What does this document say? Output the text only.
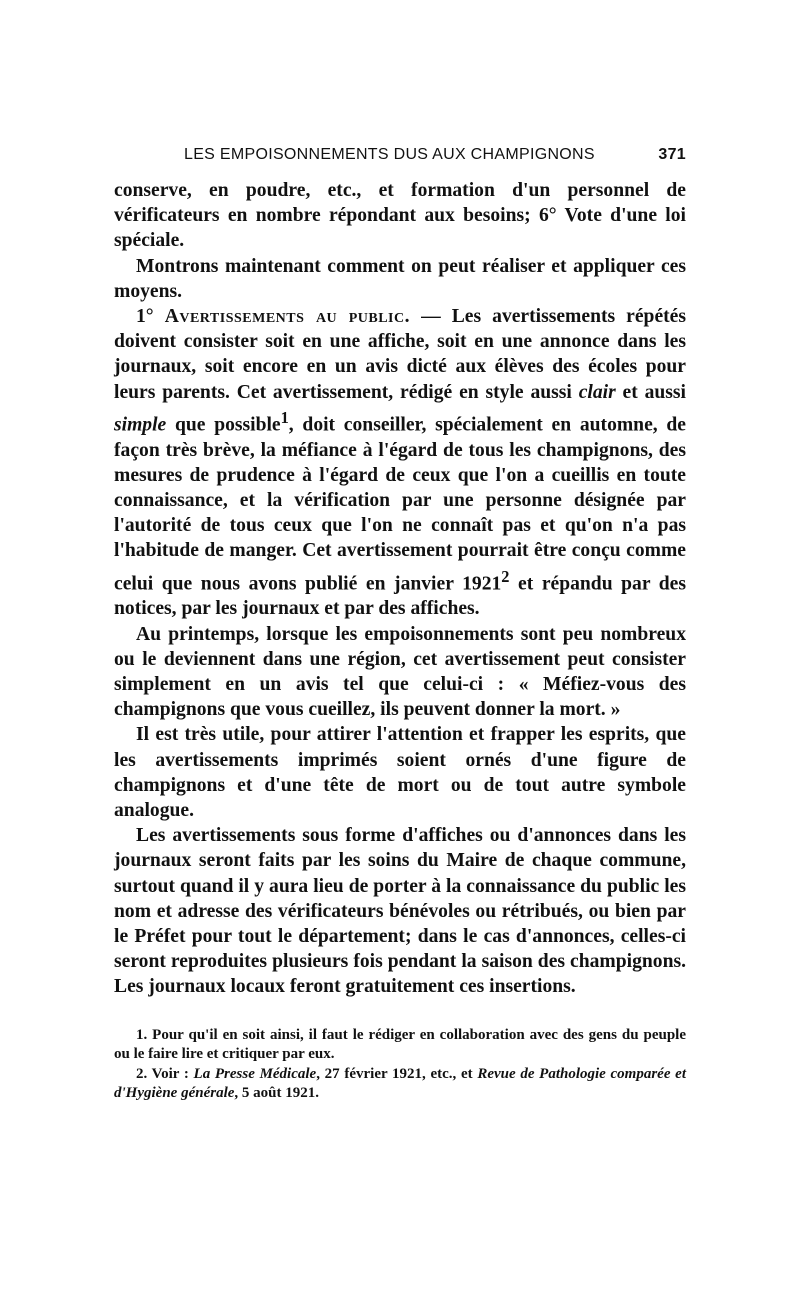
LES EMPOISONNEMENTS DUS AUX CHAMPIGNONS	371

conserve, en poudre, etc., et formation d'un personnel de vérificateurs en nombre répondant aux besoins; 6° Vote d'une loi spéciale.

Montrons maintenant comment on peut réaliser et appliquer ces moyens.

1° Avertissements au public. — Les avertissements répétés doivent consister soit en une affiche, soit en une annonce dans les journaux, soit encore en un avis dicté aux élèves des écoles pour leurs parents. Cet avertissement, rédigé en style aussi clair et aussi simple que possible$^1$, doit conseiller, spécialement en automne, de façon très brève, la méfiance à l'égard de tous les champignons, des mesures de prudence à l'égard de ceux que l'on a cueillis en toute connaissance, et la vérification par une personne désignée par l'autorité de tous ceux que l'on ne connaît pas et qu'on n'a pas l'habitude de manger. Cet avertissement pourrait être conçu comme celui que nous avons publié en janvier 1921$^2$ et répandu par des notices, par les journaux et par des affiches.

Au printemps, lorsque les empoisonnements sont peu nombreux ou le deviennent dans une région, cet avertissement peut consister simplement en un avis tel que celui-ci : « Méfiez-vous des champignons que vous cueillez, ils peuvent donner la mort. »

Il est très utile, pour attirer l'attention et frapper les esprits, que les avertissements imprimés soient ornés d'une figure de champignons et d'une tête de mort ou de tout autre symbole analogue.

Les avertissements sous forme d'affiches ou d'annonces dans les journaux seront faits par les soins du Maire de chaque commune, surtout quand il y aura lieu de porter à la connaissance du public les nom et adresse des vérificateurs bénévoles ou rétribués, ou bien par le Préfet pour tout le département; dans le cas d'annonces, celles-ci seront reproduites plusieurs fois pendant la saison des champignons. Les journaux locaux feront gratuitement ces insertions.

1. Pour qu'il en soit ainsi, il faut le rédiger en collaboration avec des gens du peuple ou le faire lire et critiquer par eux.

2. Voir : La Presse Médicale, 27 février 1921, etc., et Revue de Pathologie comparée et d'Hygiène générale, 5 août 1921.
